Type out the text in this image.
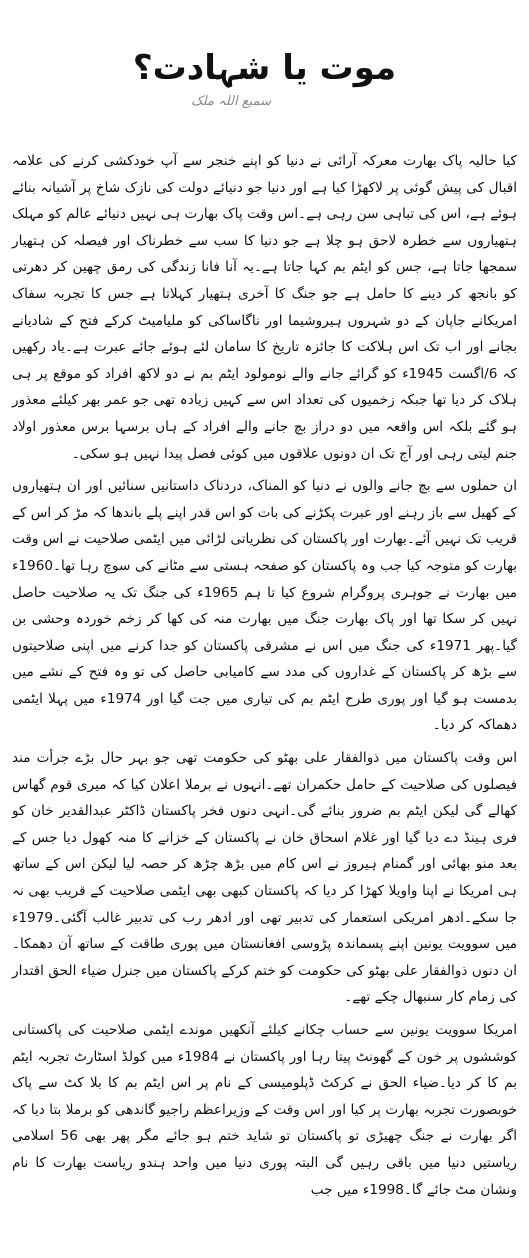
موت یا شہادت؟
سمیع اللہ ملک

کیا حالیہ پاک بھارت معرکہ آرائی نے دنیا کو اپنے خنجر سے آپ خودکشی کرنے کی علامہ اقبال کی پیش گوئی پر لاکھڑا کیا ہے اور دنیا جو دنیائے دولت کی نازک شاخ پر آشیانہ بنائے ہوئے ہے، اس کی تباہی سن رہی ہے۔اس وقت پاک بھارت ہی نہیں دنیائے عالم کو مہلک ہتھیاروں سے خطرہ لاحق ہو چلا ہے جو دنیا کا سب سے خطرناک اور فیصلہ کن ہتھیار سمجھا جاتا ہے، جس کو ایٹم بم کہا جاتا ہے۔یہ آنا فانا زندگی کی رمق چھین کر دھرتی کو بانجھ کر دینے کا حامل ہے جو جنگ کا آخری ہتھیار کہلاتا ہے جس کا تجربہ سفاک امریکانے جاپان کے دو شہروں ہیروشیما اور ناگاساکی کو ملیامیٹ کرکے فتح کے شادیانے بجانے اور اب تک اس ہلاکت کا جائزہ تاریخ کا سامان لئے ہوئے جائے عبرت ہے۔یاد رکھیں کہ 6/اگست 1945ء کو گرائے جانے والے نومولود ایٹم بم نے دو لاکھ افراد کو موقع پر ہی ہلاک کر دیا تھا جبکہ زخمیوں کی تعداد اس سے کہیں زیادہ تھی جو عمر بھر کیلئے معذور ہو گئے بلکہ اس واقعہ میں دو دراز بچ جانے والے افراد کے ہاں برسہا برس معذور اولاد جنم لیتی رہی اور آج تک ان دونوں علاقوں میں کوئی فصل پیدا نہیں ہو سکی۔

ان حملوں سے بچ جانے والوں نے دنیا کو المناک، دردناک داستانیں سنائیں اور ان ہتھیاروں کے کھیل سے باز رہنے اور عبرت پکڑنے کی بات کو اس قدر اپنے پلے باندھا کہ مڑ کر اس کے قریب تک نہیں آئے۔بھارت اور پاکستان کی نظریاتی لڑائی میں ایٹمی صلاحیت نے اس وقت بھارت کو متوجہ کیا جب وہ پاکستان کو صفحہ ہستی سے مٹانے کی سوچ رہا تھا۔1960ء میں بھارت نے جوہری پروگرام شروع کیا تا ہم 1965ء کی جنگ تک یہ صلاحیت حاصل نہیں کر سکا تھا اور پاک بھارت جنگ میں بھارت منہ کی کھا کر زخم خوردہ وحشی بن گیا۔پھر 1971ء کی جنگ میں اس نے مشرقی پاکستان کو جدا کرنے میں اپنی صلاحیتوں سے بڑھ کر پاکستان کے غداروں کی مدد سے کامیابی حاصل کی تو وہ فتح کے نشے میں بدمست ہو گیا اور پوری طرح ایٹم بم کی تیاری میں جت گیا اور 1974ء میں پہلا ایٹمی دھماکہ کر دیا۔

اس وقت پاکستان میں ذوالفقار علی بھٹو کی حکومت تھی جو بہر حال بڑے جرأت مند فیصلوں کی صلاحیت کے حامل حکمران تھے۔انہوں نے برملا اعلان کیا کہ میری قوم گھاس کھالے گی لیکن ایٹم بم ضرور بنائے گی۔انہی دنوں فخر پاکستان ڈاکٹر عبدالقدیر خان کو فری ہینڈ دے دیا گیا اور غلام اسحاق خان نے پاکستان کے خزانے کا منہ کھول دیا جس کے بعد منو بھائی اور گمنام ہیروز نے اس کام میں بڑھ چڑھ کر حصہ لیا لیکن اس کے ساتھ ہی امریکا نے اپنا واویلا کھڑا کر دیا کہ پاکستان کبھی بھی ایٹمی صلاحیت کے قریب بھی نہ جا سکے۔ادھر امریکی استعمار کی تدبیر تھی اور ادھر رب کی تدبیر غالب آگئی۔1979ء میں سوویت یونین اپنے پسماندہ پڑوسی افغانستان میں پوری طاقت کے ساتھ آن دھمکا۔ان دنوں ذوالفقار علی بھٹو کی حکومت کو ختم کرکے پاکستان میں جنرل ضیاء الحق اقتدار کی زمام کار سنبھال چکے تھے۔

امریکا سوویت یونین سے حساب چکانے کیلئے آنکھیں موندے ایٹمی صلاحیت کی پاکستانی کوششوں پر خون کے گھونٹ پیتا رہا اور پاکستان نے 1984ء میں کولڈ اسٹارٹ تجربہ ایٹم بم کا کر دیا۔ضیاء الحق نے کرکٹ ڈپلومیسی کے نام پر اس ایٹم بم کا بلا کٹ سے پاک خوبصورت تجربہ بھارت پر کیا اور اس وقت کے وزیراعظم راجیو گاندھی کو برملا بتا دیا کہ اگر بھارت نے جنگ چھیڑی تو پاکستان تو شاید ختم ہو جائے مگر پھر بھی 56 اسلامی ریاستیں دنیا میں باقی رہیں گی البتہ پوری دنیا میں واحد ہندو ریاست بھارت کا نام ونشان مٹ جائے گا۔1998ء میں جب
